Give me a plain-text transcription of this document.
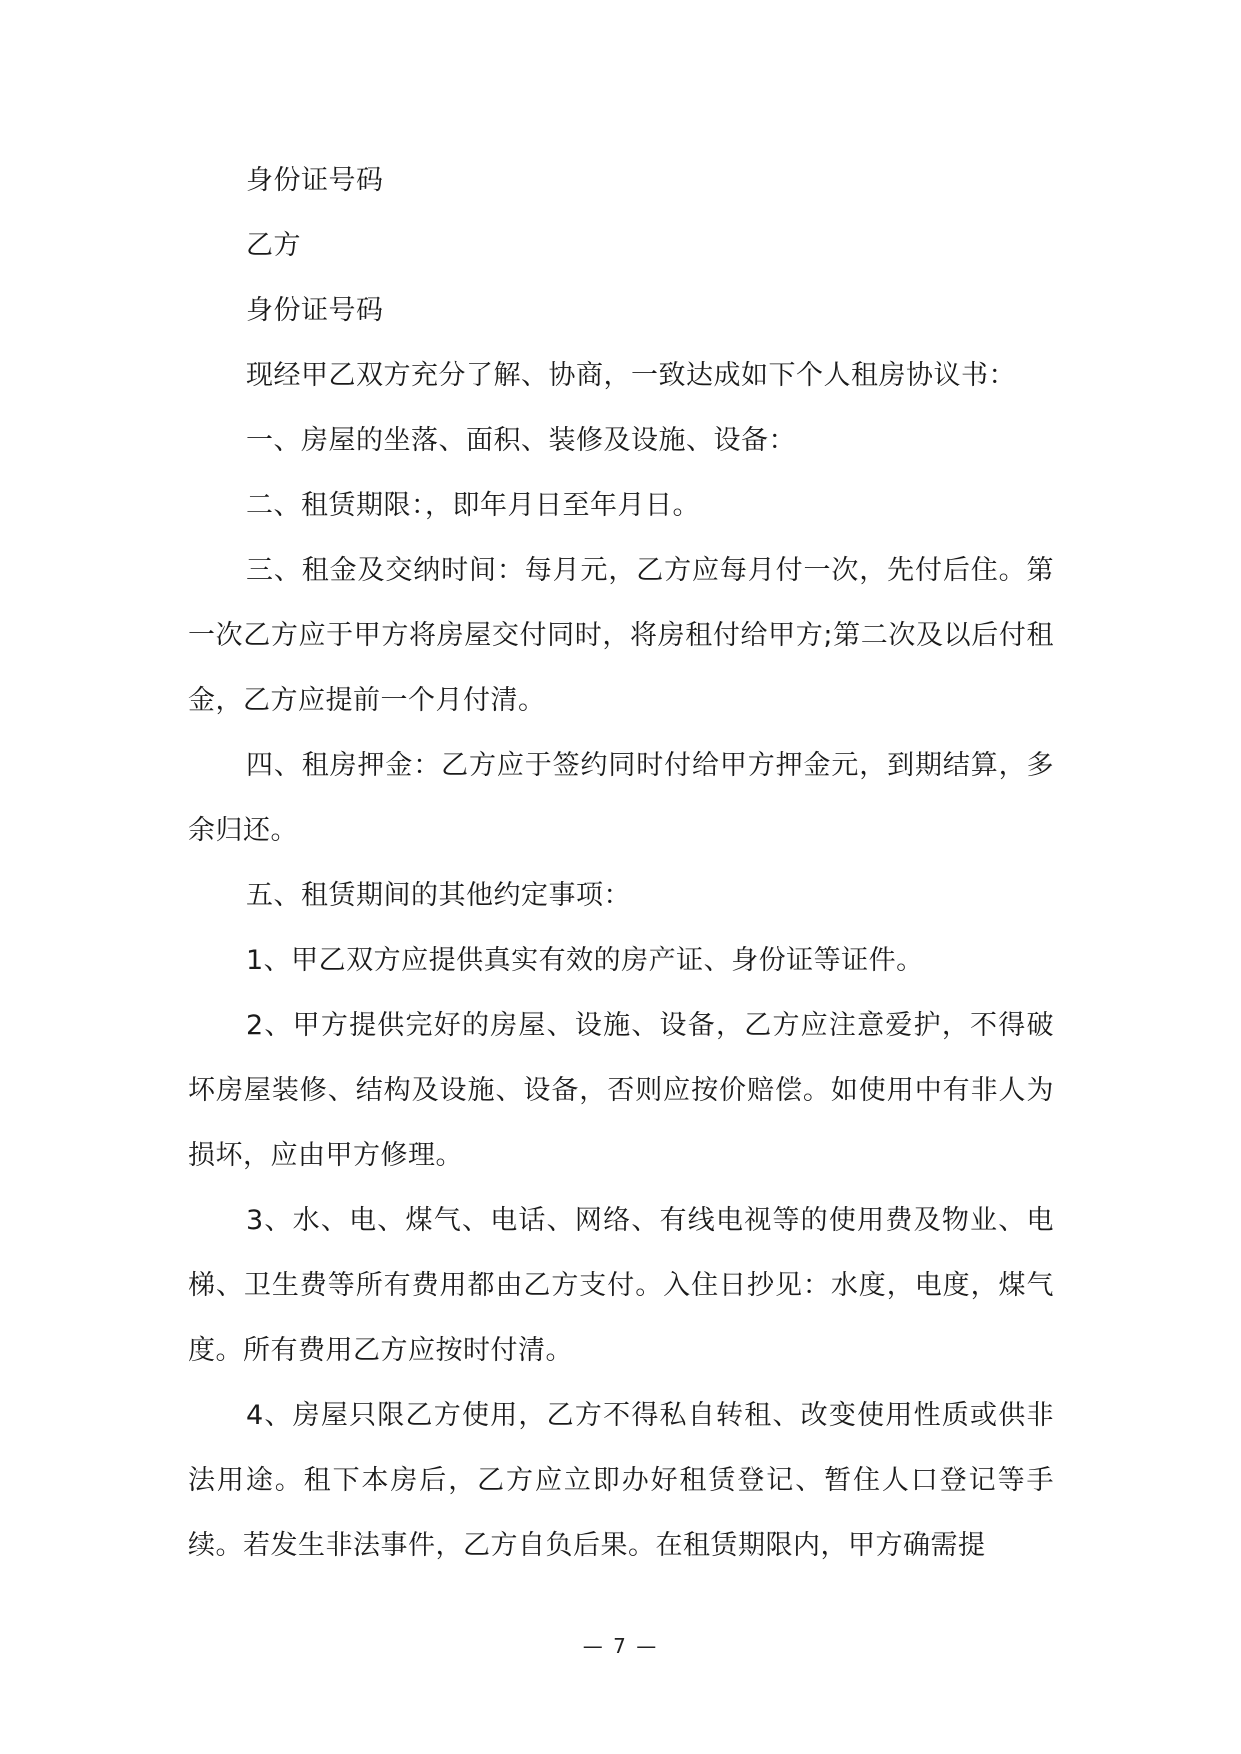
身份证号码

乙方

身份证号码

现经甲乙双方充分了解、协商，一致达成如下个人租房协议书：

一、房屋的坐落、面积、装修及设施、设备：

二、租赁期限：，即年月日至年月日。

三、租金及交纳时间：每月元，乙方应每月付一次，先付后住。第一次乙方应于甲方将房屋交付同时，将房租付给甲方;第二次及以后付租金，乙方应提前一个月付清。

四、租房押金：乙方应于签约同时付给甲方押金元，到期结算，多余归还。

五、租赁期间的其他约定事项：

1、甲乙双方应提供真实有效的房产证、身份证等证件。

2、甲方提供完好的房屋、设施、设备，乙方应注意爱护，不得破坏房屋装修、结构及设施、设备，否则应按价赔偿。如使用中有非人为损坏，应由甲方修理。

3、水、电、煤气、电话、网络、有线电视等的使用费及物业、电梯、卫生费等所有费用都由乙方支付。入住日抄见：水度，电度，煤气度。所有费用乙方应按时付清。

4、房屋只限乙方使用，乙方不得私自转租、改变使用性质或供非法用途。租下本房后，乙方应立即办好租赁登记、暂住人口登记等手续。若发生非法事件，乙方自负后果。在租赁期限内，甲方确需提

— 7 —
